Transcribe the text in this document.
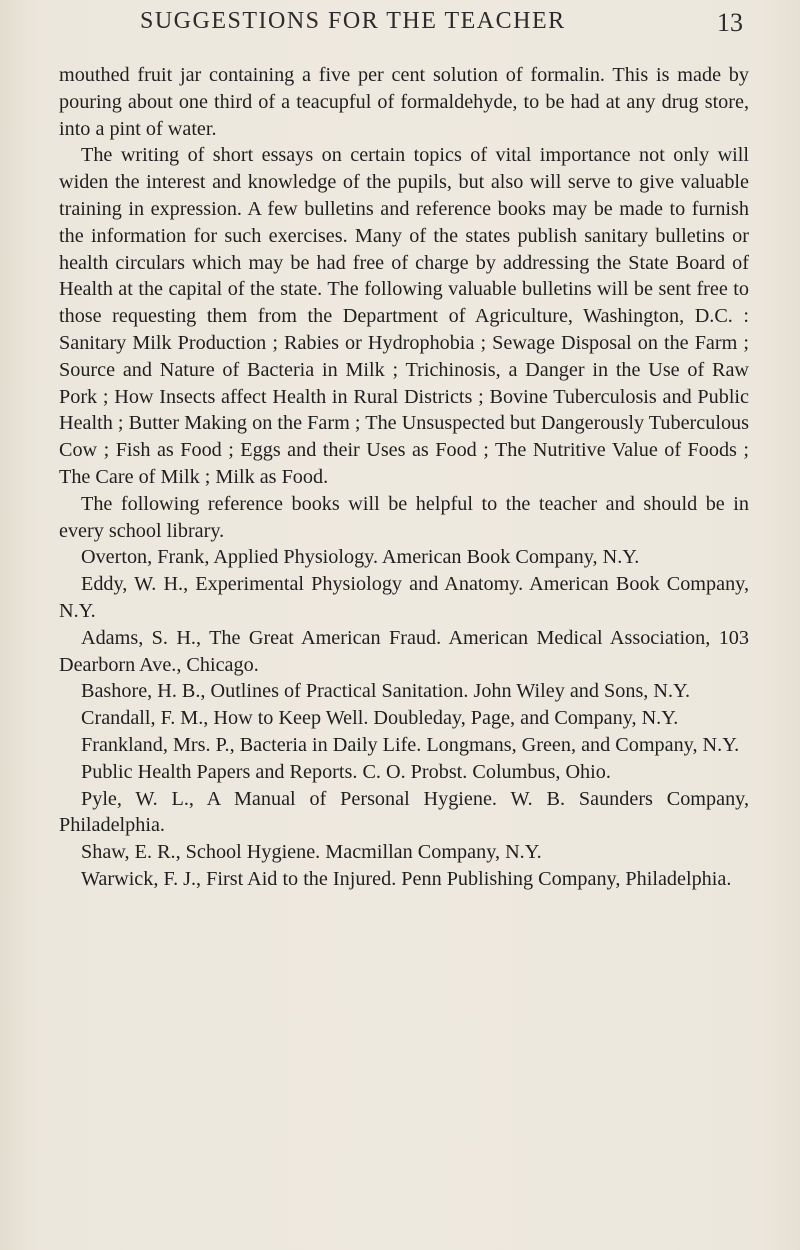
SUGGESTIONS FOR THE TEACHER	13

mouthed fruit jar containing a five per cent solution of formalin. This is made by pouring about one third of a teacupful of formaldehyde, to be had at any drug store, into a pint of water.

The writing of short essays on certain topics of vital importance not only will widen the interest and knowledge of the pupils, but also will serve to give valuable training in expression. A few bulletins and reference books may be made to furnish the information for such exercises. Many of the states publish sanitary bulletins or health circulars which may be had free of charge by addressing the State Board of Health at the capital of the state. The following valuable bulletins will be sent free to those requesting them from the Department of Agriculture, Washington, D.C. : Sanitary Milk Production ; Rabies or Hydrophobia ; Sewage Disposal on the Farm ; Source and Nature of Bacteria in Milk ; Trichinosis, a Danger in the Use of Raw Pork ; How Insects affect Health in Rural Districts ; Bovine Tuberculosis and Public Health ; Butter Making on the Farm ; The Unsuspected but Dangerously Tuberculous Cow ; Fish as Food ; Eggs and their Uses as Food ; The Nutritive Value of Foods ; The Care of Milk ; Milk as Food.

The following reference books will be helpful to the teacher and should be in every school library.

Overton, Frank, Applied Physiology. American Book Company, N.Y.

Eddy, W. H., Experimental Physiology and Anatomy. American Book Company, N.Y.

Adams, S. H., The Great American Fraud. American Medical Association, 103 Dearborn Ave., Chicago.

Bashore, H. B., Outlines of Practical Sanitation. John Wiley and Sons, N.Y.

Crandall, F. M., How to Keep Well. Doubleday, Page, and Company, N.Y.

Frankland, Mrs. P., Bacteria in Daily Life. Longmans, Green, and Company, N.Y.

Public Health Papers and Reports. C. O. Probst. Columbus, Ohio.

Pyle, W. L., A Manual of Personal Hygiene. W. B. Saunders Company, Philadelphia.

Shaw, E. R., School Hygiene. Macmillan Company, N.Y.

Warwick, F. J., First Aid to the Injured. Penn Publishing Company, Philadelphia.
